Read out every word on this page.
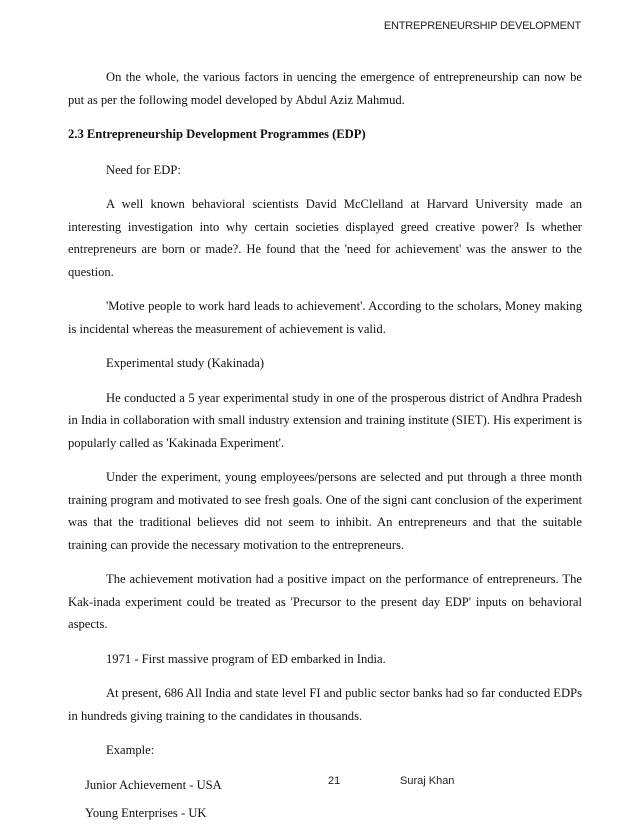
ENTREPRENEURSHIP DEVELOPMENT

On the whole, the various factors in uencing the emergence of entrepreneurship can now be put as per the following model developed by Abdul Aziz Mahmud.

2.3 Entrepreneurship Development Programmes (EDP)

Need for EDP:

A well known behavioral scientists David McClelland at Harvard University made an interesting investigation into why certain societies displayed greed creative power? Is whether entrepreneurs are born or made?. He found that the 'need for achievement' was the answer to the question.

'Motive people to work hard leads to achievement'. According to the scholars, Money making is incidental whereas the measurement of achievement is valid.

Experimental study (Kakinada)

He conducted a 5 year experimental study in one of the prosperous district of Andhra Pradesh in India in collaboration with small industry extension and training institute (SIET). His experiment is popularly called as 'Kakinada Experiment'.

Under the experiment, young employees/persons are selected and put through a three month training program and motivated to see fresh goals. One of the signi cant conclusion of the experiment was that the traditional believes did not seem to inhibit. An entrepreneurs and that the suitable training can provide the necessary motivation to the entrepreneurs.

The achievement motivation had a positive impact on the performance of entrepreneurs. The Kak-inada experiment could be treated as 'Precursor to the present day EDP' inputs on behavioral aspects.

1971 - First massive program of ED embarked in India.

At present, 686 All India and state level FI and public sector banks had so far conducted EDPs in hundreds giving training to the candidates in thousands.

Example:

Junior Achievement - USA

Young Enterprises - UK

21	Suraj Khan
